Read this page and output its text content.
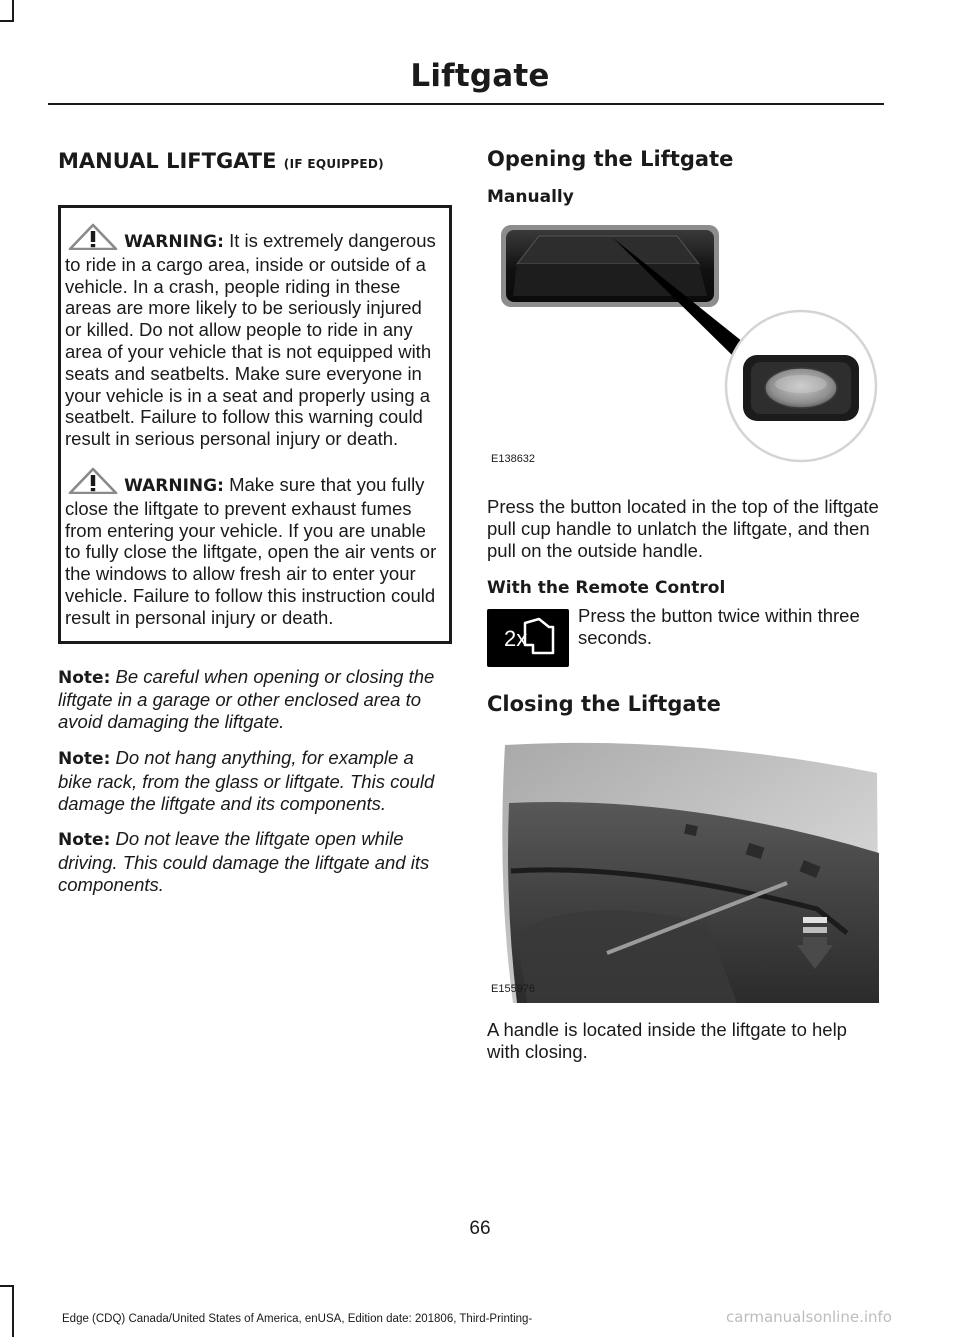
Liftgate
MANUAL LIFTGATE (IF EQUIPPED)

WARNING: It is extremely dangerous to ride in a cargo area, inside or outside of a vehicle. In a crash, people riding in these areas are more likely to be seriously injured or killed. Do not allow people to ride in any area of your vehicle that is not equipped with seats and seatbelts. Make sure everyone in your vehicle is in a seat and properly using a seatbelt. Failure to follow this warning could result in serious personal injury or death.

WARNING: Make sure that you fully close the liftgate to prevent exhaust fumes from entering your vehicle. If you are unable to fully close the liftgate, open the air vents or the windows to allow fresh air to enter your vehicle. Failure to follow this instruction could result in personal injury or death.

Note: Be careful when opening or closing the liftgate in a garage or other enclosed area to avoid damaging the liftgate.

Note: Do not hang anything, for example a bike rack, from the glass or liftgate. This could damage the liftgate and its components.

Note: Do not leave the liftgate open while driving. This could damage the liftgate and its components.

Opening the Liftgate
Manually
E138632

Press the button located in the top of the liftgate pull cup handle to unlatch the liftgate, and then pull on the outside handle.

With the Remote Control
2x

Press the button twice within three seconds.

Closing the Liftgate
E155976

A handle is located inside the liftgate to help with closing.

66
Edge (CDQ) Canada/United States of America, enUSA, Edition date: 201806, Third-Printing-	carmanualsonline.info
